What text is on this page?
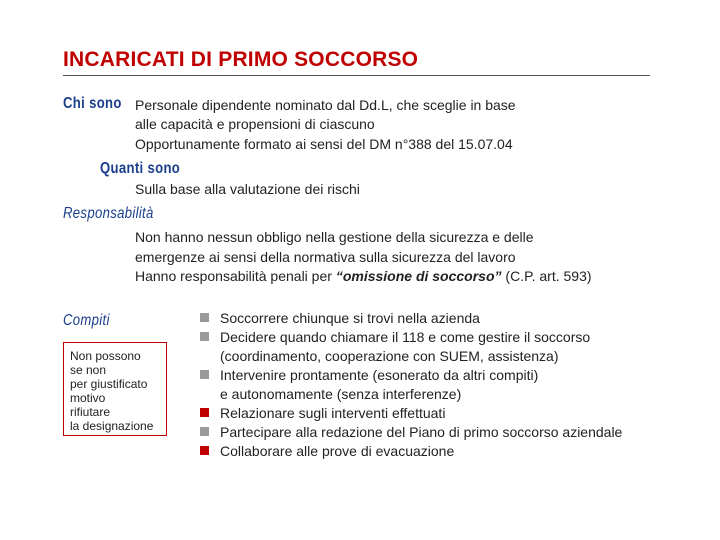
INCARICATI DI PRIMO SOCCORSO
Chi sono Personale dipendente nominato dal Dd.L, che sceglie in base
alle capacità e propensioni di ciascuno
Opportunamente formato ai sensi del DM n°388 del 15.07.04
Quanti sono
Sulla base alla valutazione dei rischi
Responsabilità
Non hanno nessun obbligo nella gestione della sicurezza e delle
emergenze ai sensi della normativa sulla sicurezza del lavoro
Hanno responsabilità penali per “omissione di soccorso” (C.P. art. 593)
Compiti
Non possono
se non
per giustificato
motivo
rifiutare
la designazione
Soccorrere chiunque si trovi nella azienda
Decidere quando chiamare il 118 e come gestire il soccorso
(coordinamento, cooperazione con SUEM, assistenza)
Intervenire prontamente (esonerato da altri compiti)
e autonomamente (senza interferenze)
Relazionare sugli interventi effettuati
Partecipare alla redazione del Piano di primo soccorso aziendale
Collaborare alle prove di evacuazione
